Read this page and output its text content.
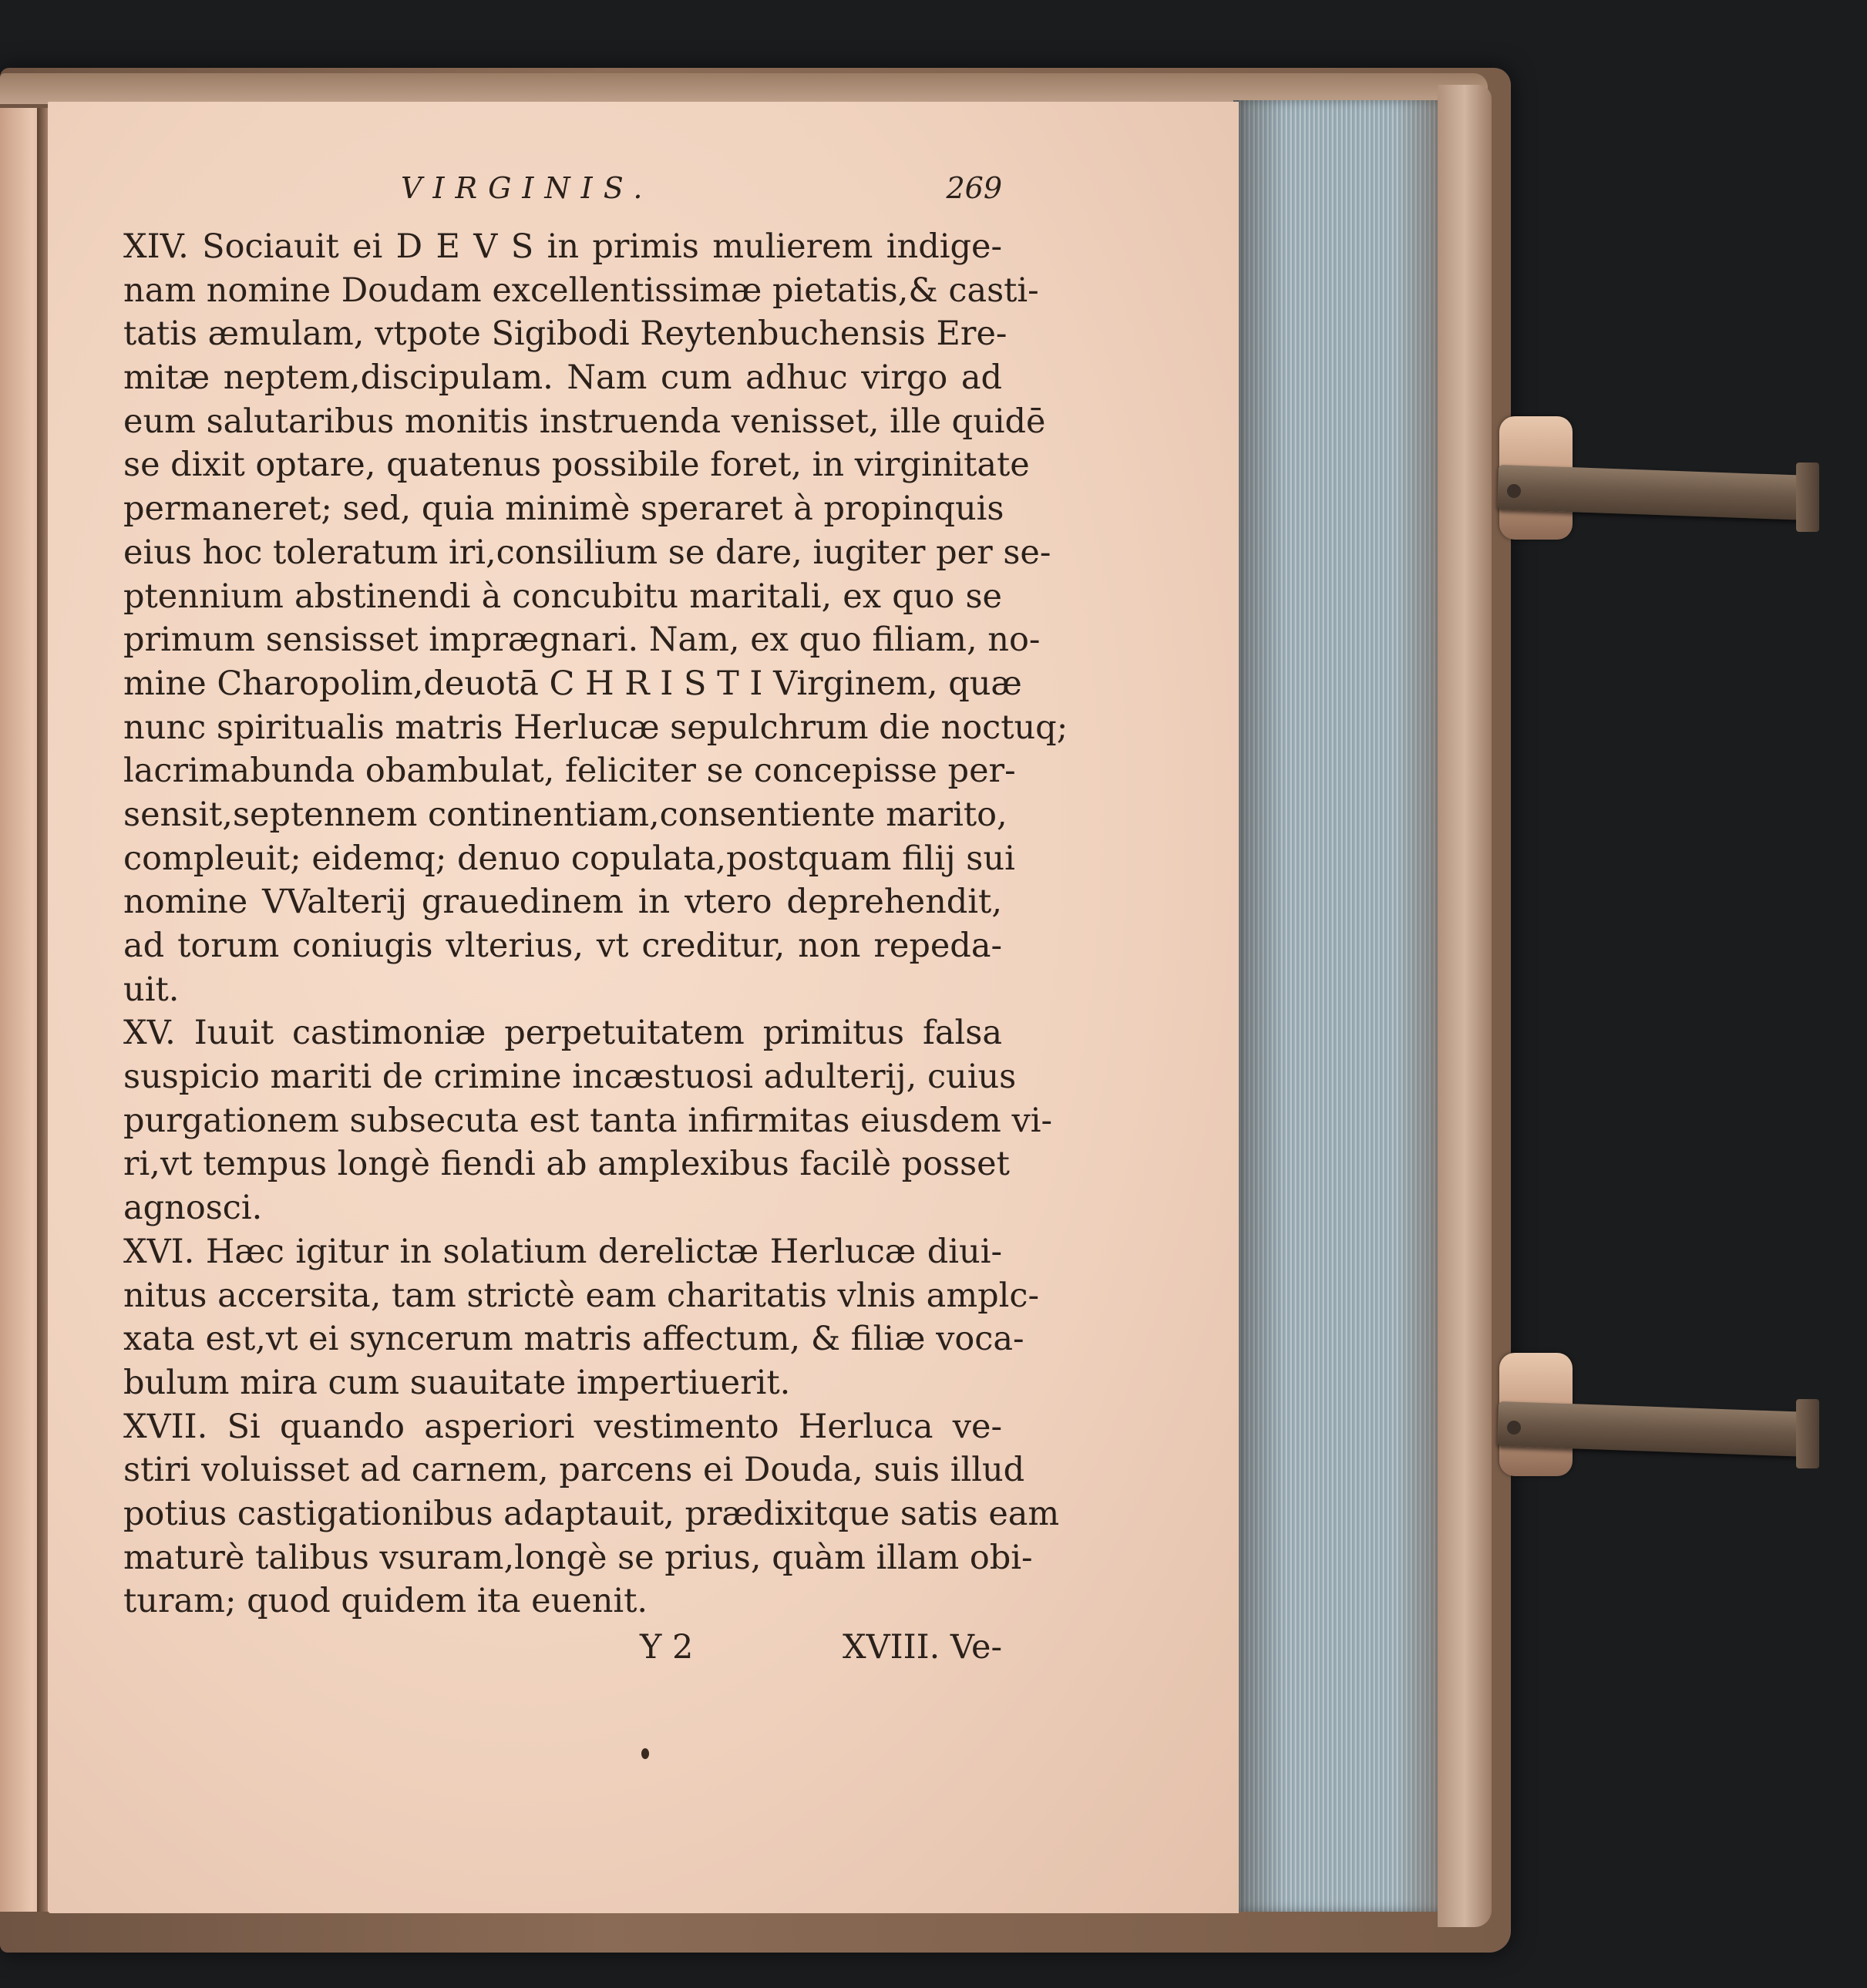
VIRGINIS.	269
XIV. Sociauit ei D E V S in primis mulierem indige-
nam nomine Doudam excellentissimæ pietatis,& casti-
tatis æmulam, vtpote Sigibodi Reytenbuchensis Ere-
mitæ neptem,discipulam. Nam cum adhuc virgo ad
eum salutaribus monitis instruenda venisset, ille quidē
se dixit optare, quatenus possibile foret, in virginitate
permaneret; sed, quia minimè speraret à propinquis
eius hoc toleratum iri,consilium se dare, iugiter per se-
ptennium abstinendi à concubitu maritali, ex quo se
primum sensisset imprægnari. Nam, ex quo filiam, no-
mine Charopolim,deuotā C H R I S T I Virginem, quæ
nunc spiritualis matris Herlucæ sepulchrum die noctuq;
lacrimabunda obambulat, feliciter se concepisse per-
sensit,septennem continentiam,consentiente marito,
compleuit; eidemq; denuo copulata,postquam filij sui
nomine VValterij grauedinem in vtero deprehendit,
ad torum coniugis vlterius, vt creditur, non repeda-
uit.
XV. Iuuit castimoniæ perpetuitatem primitus falsa
suspicio mariti de crimine incæstuosi adulterij, cuius
purgationem subsecuta est tanta infirmitas eiusdem vi-
ri,vt tempus longè fiendi ab amplexibus facilè posset
agnosci.
XVI. Hæc igitur in solatium derelictæ Herlucæ diui-
nitus accersita, tam strictè eam charitatis vlnis amplc-
xata est,vt ei syncerum matris affectum, & filiæ voca-
bulum mira cum suauitate impertiuerit.
XVII. Si quando asperiori vestimento Herluca ve-
stiri voluisset ad carnem, parcens ei Douda, suis illud
potius castigationibus adaptauit, prædixitque satis eam
maturè talibus vsuram,longè se prius, quàm illam obi-
turam; quod quidem ita euenit.
Y 2	XVIII. Ve-
